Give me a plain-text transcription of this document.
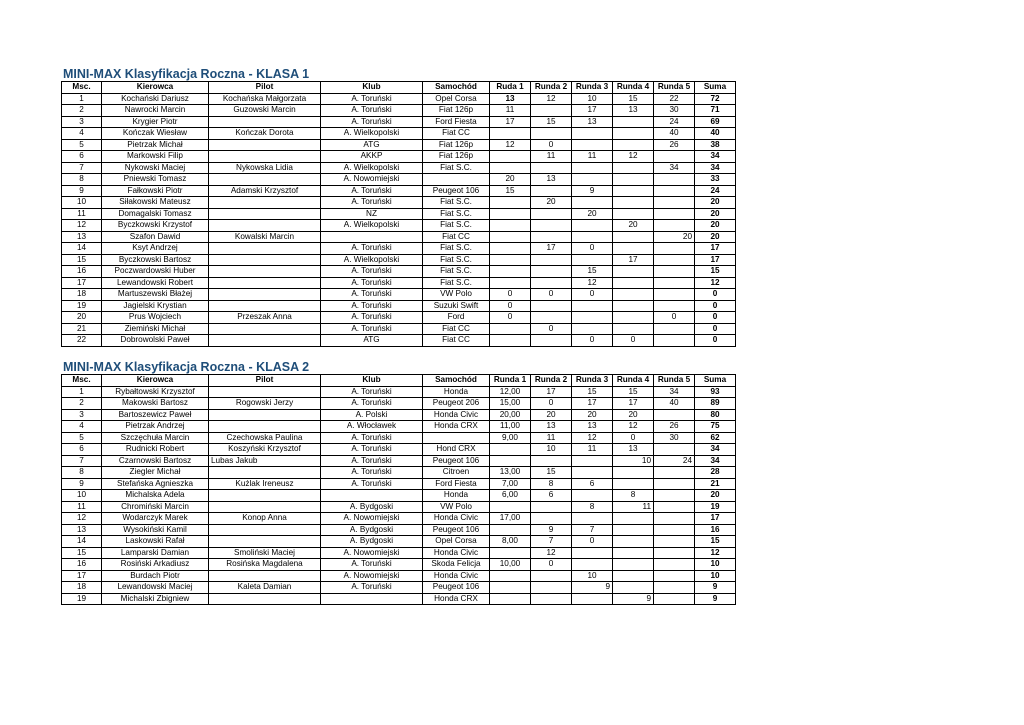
MINI-MAX Klasyfikacja Roczna - KLASA 1
Msc.	Kierowca	Pilot	Klub	Samochód	Ruda 1	Runda 2	Runda 3	Runda 4	Runda 5	Suma
1	Kochański Dariusz	Kochańska Małgorzata	A. Toruński	Opel Corsa	13	12	10	15	22	72
2	Nawrocki Marcin	Guzowski Marcin	A. Toruński	Fiat 126p	11		17	13	30	71
3	Krygier Piotr		A. Toruński	Ford Fiesta	17	15	13		24	69
4	Kończak Wiesław	Kończak Dorota	A. Wielkopolski	Fiat CC					40	40
5	Pietrzak Michał		ATG	Fiat 126p	12	0			26	38
6	Markowski Filip		AKKP	Fiat 126p		11	11	12		34
7	Nykowski Maciej	Nykowska Lidia	A. Wielkopolski	Fiat S.C.					34	34
8	Pniewski Tomasz		A. Nowomiejski		20	13				33
9	Fałkowski Piotr	Adamski Krzysztof	A. Toruński	Peugeot 106	15		9			24
10	Siłakowski Mateusz		A. Toruński	Fiat S.C.		20				20
11	Domagalski Tomasz		NZ	Fiat S.C.			20			20
12	Byczkowski Krzystof		A. Wielkopolski	Fiat S.C.				20		20
13	Szafon Dawid	Kowalski Marcin		Fiat CC					20	20
14	Ksyt Andrzej		A. Toruński	Fiat S.C.		17	0			17
15	Byczkowski Bartosz		A. Wielkopolski	Fiat S.C.				17		17
16	Poczwardowski Huber		A. Toruński	Fiat S.C.			15			15
17	Lewandowski Robert		A. Toruński	Fiat S.C.			12			12
18	Martuszewski Błażej		A. Toruński	VW Polo	0	0	0			0
19	Jagielski Krystian		A. Toruński	Suzuki Swift	0					0
20	Prus Wojciech	Przeszak Anna	A. Toruński	Ford	0				0	0
21	Ziemiński Michał		A. Toruński	Fiat CC		0				0
22	Dobrowolski Paweł		ATG	Fiat CC			0	0		0
MINI-MAX Klasyfikacja Roczna - KLASA 2
Msc.	Kierowca	Pilot	Klub	Samochód	Runda 1	Runda 2	Runda 3	Runda 4	Runda 5	Suma
1	Rybałtowski Krzysztof		A. Toruński	Honda	12,00	17	15	15	34	93
2	Makowski Bartosz	Rogowski Jerzy	A. Toruński	Peugeot 206	15,00	0	17	17	40	89
3	Bartoszewicz Paweł		A. Polski	Honda Civic	20,00	20	20	20		80
4	Pietrzak Andrzej		A. Włocławek	Honda CRX	11,00	13	13	12	26	75
5	Szczęchuła Marcin	Czechowska Paulina	A. Toruński		9,00	11	12	0	30	62
6	Rudnicki Robert	Koszyński Krzysztof	A. Toruński	Hond CRX		10	11	13		34
7	Czarnowski Bartosz	Lubas Jakub	A. Toruński	Peugeot 106				10	24	34
8	Ziegler Michał		A. Toruński	Citroen	13,00	15				28
9	Stefańska Agnieszka	Kużlak Ireneusz	A. Toruński	Ford Fiesta	7,00	8	6			21
10	Michalska Adela			Honda	6,00	6		8		20
11	Chromiński Marcin		A. Bydgoski	VW Polo			8	11		19
12	Wodarczyk Marek	Konop Anna	A. Nowomiejski	Honda Civic	17,00					17
13	Wysokiński Kamil		A. Bydgoski	Peugeot 106		9	7			16
14	Laskowski Rafał		A. Bydgoski	Opel Corsa	8,00	7	0			15
15	Lamparski Damian	Smoliński Maciej	A. Nowomiejski	Honda Civic		12				12
16	Rosiński Arkadiusz	Rosińska Magdalena	A. Toruński	Skoda Felicja	10,00	0				10
17	Burdach Piotr		A. Nowomiejski	Honda Civic			10			10
18	Lewandowski Maciej	Kaleta Damian	A. Toruński	Peugeot 106			9			9
19	Michalski Zbigniew			Honda CRX				9		9
